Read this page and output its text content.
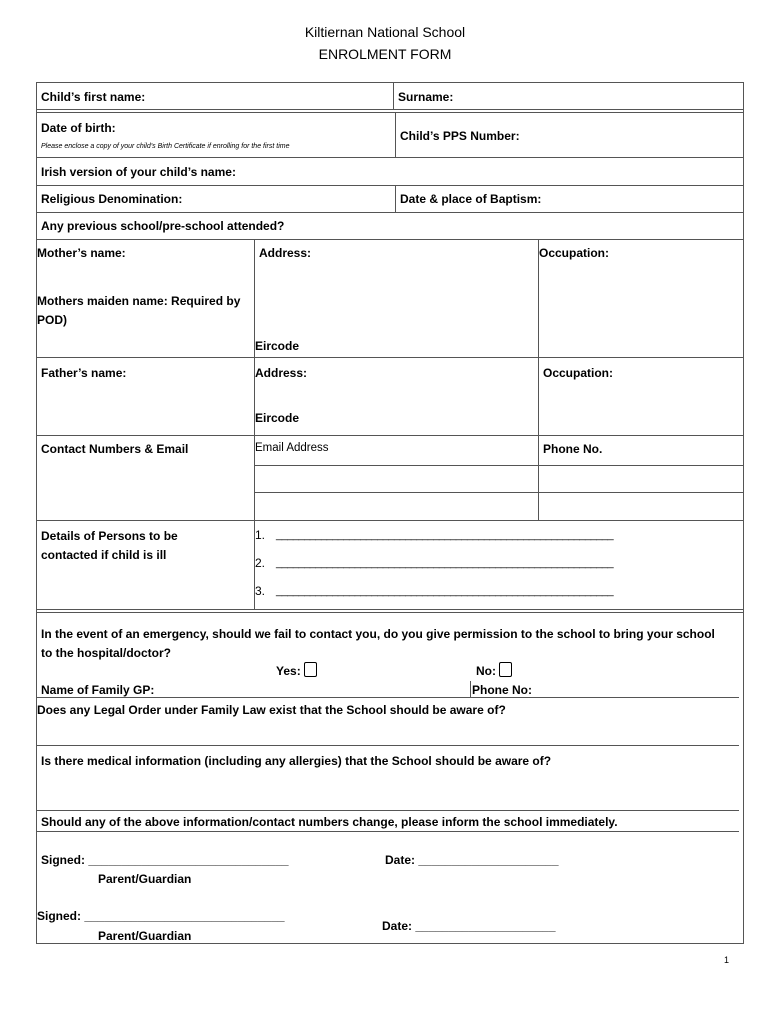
Kiltiernan National School
ENROLMENT FORM
Child’s first name:	Surname:
Date of birth:
Please enclose a copy of your child’s Birth Certificate if enrolling for the first time
Child’s PPS Number:
Irish version of your child’s name:
Religious Denomination:	Date & place of Baptism:
Any previous school/pre-school attended?
Mother’s name:	Address:	Occupation:
Mothers maiden name: Required by POD)
Eircode
Father’s name:	Address:	Occupation:
Eircode
Contact Numbers & Email	Email Address	Phone No.
Details of Persons to be contacted if child is ill
1. ____________________________________________________________
2. ____________________________________________________________
3. ____________________________________________________________
In the event of an emergency, should we fail to contact you, do you give permission to the school to bring your school to the hospital/doctor?
Yes:	No:
Name of Family GP:	Phone No:
Does any Legal Order under Family Law exist that the School should be aware of?
Is there medical information (including any allergies) that the School should be aware of?
Should any of the above information/contact numbers change, please inform the school immediately.
Signed: ______________________________
Parent/Guardian
Date: _____________________
Signed: ______________________________
Parent/Guardian
Date: _____________________
1
